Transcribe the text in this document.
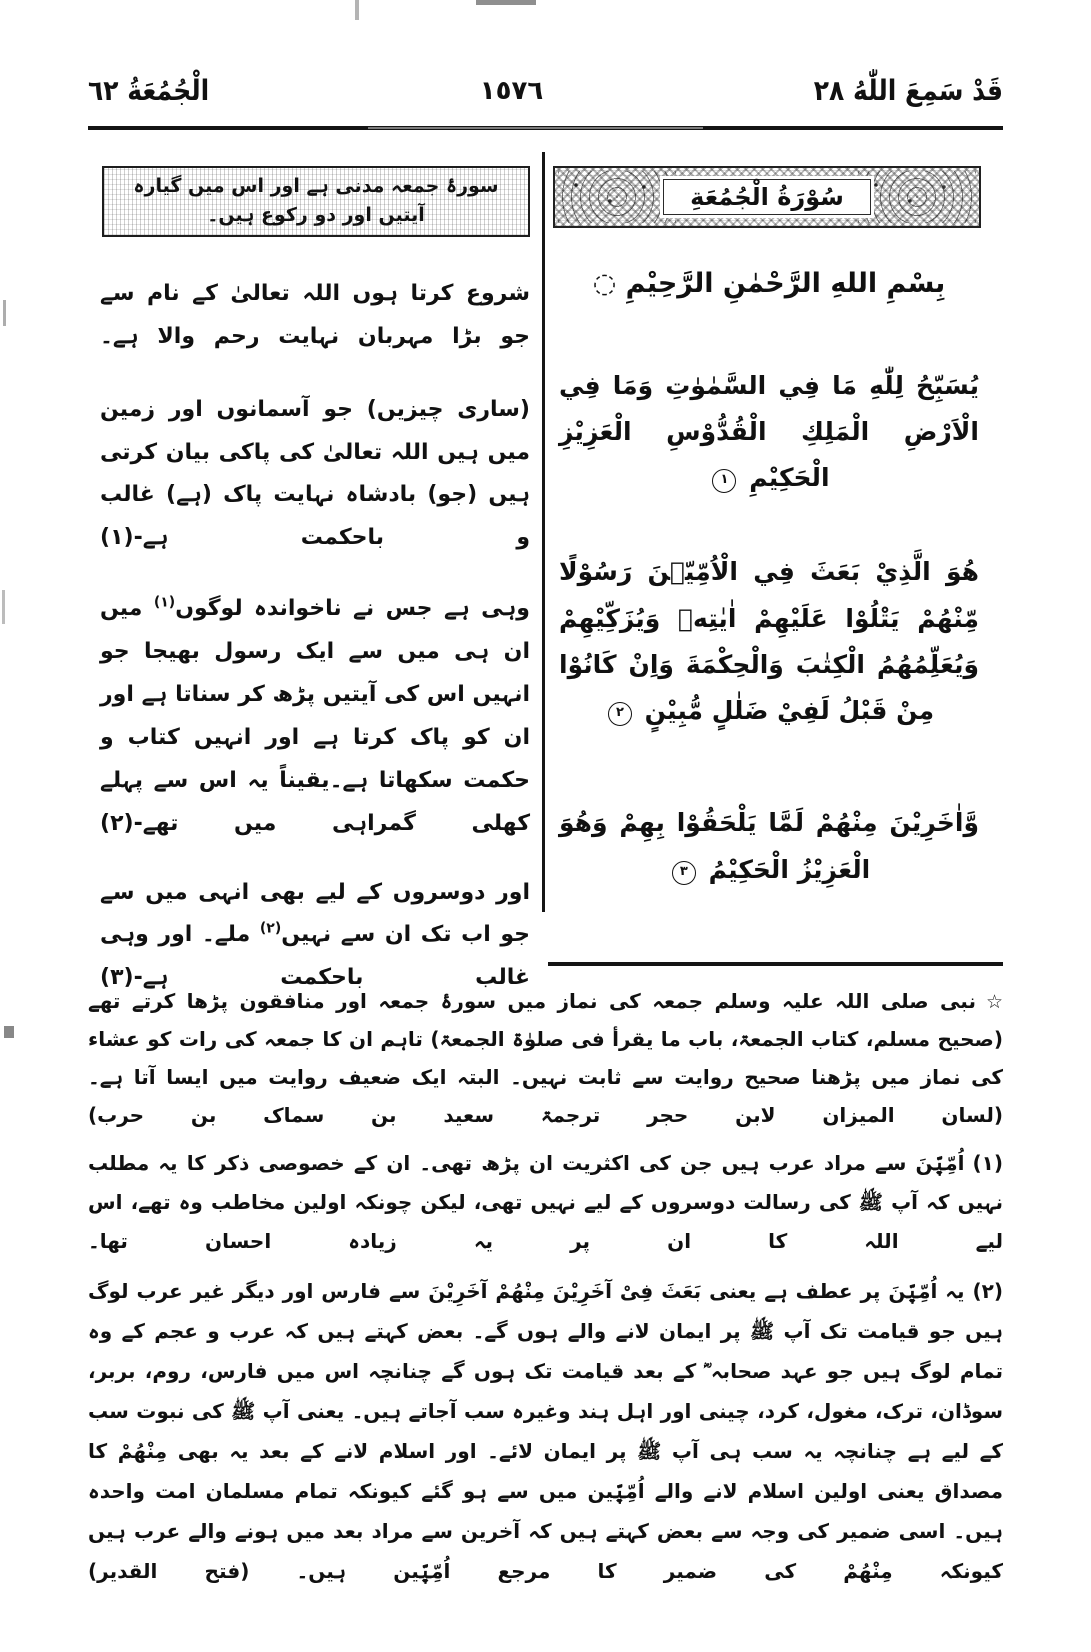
قَدْ سَمِعَ اللّٰهُ ٢٨
١٥٧٦
الْجُمُعَةُ ٦٢
سُوْرَةُ الْجُمُعَةِ
بِسْمِ اللهِ الرَّحْمٰنِ الرَّحِيْمِ ◌
يُسَبِّحُ لِلّٰهِ مَا فِي السَّمٰوٰتِ وَمَا فِي الْاَرْضِ الْمَلِكِ الْقُدُّوْسِ الْعَزِيْزِ الْحَكِيْمِ ١
هُوَ الَّذِيْ بَعَثَ فِي الْاُمِّيّٖنَ رَسُوْلًا مِّنْهُمْ يَتْلُوْا عَلَيْهِمْ اٰيٰتِهٖ وَيُزَكِّيْهِمْ وَيُعَلِّمُهُمُ الْكِتٰبَ وَالْحِكْمَةَ وَاِنْ كَانُوْا مِنْ قَبْلُ لَفِيْ ضَلٰلٍ مُّبِيْنٍ ٢
وَّاٰخَرِيْنَ مِنْهُمْ لَمَّا يَلْحَقُوْا بِهِمْ وَهُوَ الْعَزِيْزُ الْحَكِيْمُ ٣
سورۂ جمعہ مدنی ہے اور اس میں گیارہ آیتیں اور دو رکوع ہیں۔
شروع کرتا ہوں اللہ تعالیٰ کے نام سے جو بڑا مہربان نہایت رحم والا ہے۔
(ساری چیزیں) جو آسمانوں اور زمین میں ہیں اللہ تعالیٰ کی پاکی بیان کرتی ہیں (جو) بادشاہ نہایت پاک (ہے) غالب و باحکمت ہے-(۱)
وہی ہے جس نے ناخواندہ لوگوں$^{(۱)}$ میں ان ہی میں سے ایک رسول بھیجا جو انہیں اس کی آیتیں پڑھ کر سناتا ہے اور ان کو پاک کرتا ہے اور انہیں کتاب و حکمت سکھاتا ہے۔یقیناً یہ اس سے پہلے کھلی گمراہی میں تھے-(۲)
اور دوسروں کے لیے بھی انہی میں سے جو اب تک ان سے نہیں$^{(۲)}$ ملے۔ اور وہی غالب باحکمت ہے-(۳)
☆نبی صلی اللہ علیہ وسلم جمعہ کی نماز میں سورۂ جمعہ اور منافقون پڑھا کرتے تھے (صحیح مسلم، کتاب الجمعۃ، باب ما یقرأ فی صلوٰۃ الجمعۃ) تاہم ان کا جمعہ کی رات کو عشاء کی نماز میں پڑھنا صحیح روایت سے ثابت نہیں۔ البتہ ایک ضعیف روایت میں ایسا آتا ہے۔ (لسان المیزان لابن حجر ترجمۃ سعید بن سماک بن حرب)
(۱)اُمِّیّٖنَ سے مراد عرب ہیں جن کی اکثریت ان پڑھ تھی۔ ان کے خصوصی ذکر کا یہ مطلب نہیں کہ آپ ﷺ کی رسالت دوسروں کے لیے نہیں تھی، لیکن چونکہ اولین مخاطب وہ تھے، اس لیے اللہ کا ان پر یہ زیادہ احسان تھا۔
(۲)یہ اُمِّیّٖنَ پر عطف ہے یعنی بَعَثَ فِیْ آخَرِیْنَ مِنْهُمْ آخَرِیْنَ سے فارس اور دیگر غیر عرب لوگ ہیں جو قیامت تک آپ ﷺ پر ایمان لانے والے ہوں گے۔ بعض کہتے ہیں کہ عرب و عجم کے وہ تمام لوگ ہیں جو عہد صحابہ ؓ کے بعد قیامت تک ہوں گے چنانچہ اس میں فارس، روم، بربر، سوڈان، ترک، مغول، کرد، چینی اور اہل ہند وغیرہ سب آجاتے ہیں۔ یعنی آپ ﷺ کی نبوت سب کے لیے ہے چنانچہ یہ سب ہی آپ ﷺ پر ایمان لائے۔ اور اسلام لانے کے بعد یہ بھی مِنْهُمْ کا مصداق یعنی اولین اسلام لانے والے اُمِّیّٖین میں سے ہو گئے کیونکہ تمام مسلمان امت واحدہ ہیں۔ اسی ضمیر کی وجہ سے بعض کہتے ہیں کہ آخرین سے مراد بعد میں ہونے والے عرب ہیں کیونکہ مِنْهُمْ کی ضمیر کا مرجع اُمِّیّٖین ہیں۔ (فتح القدیر)
